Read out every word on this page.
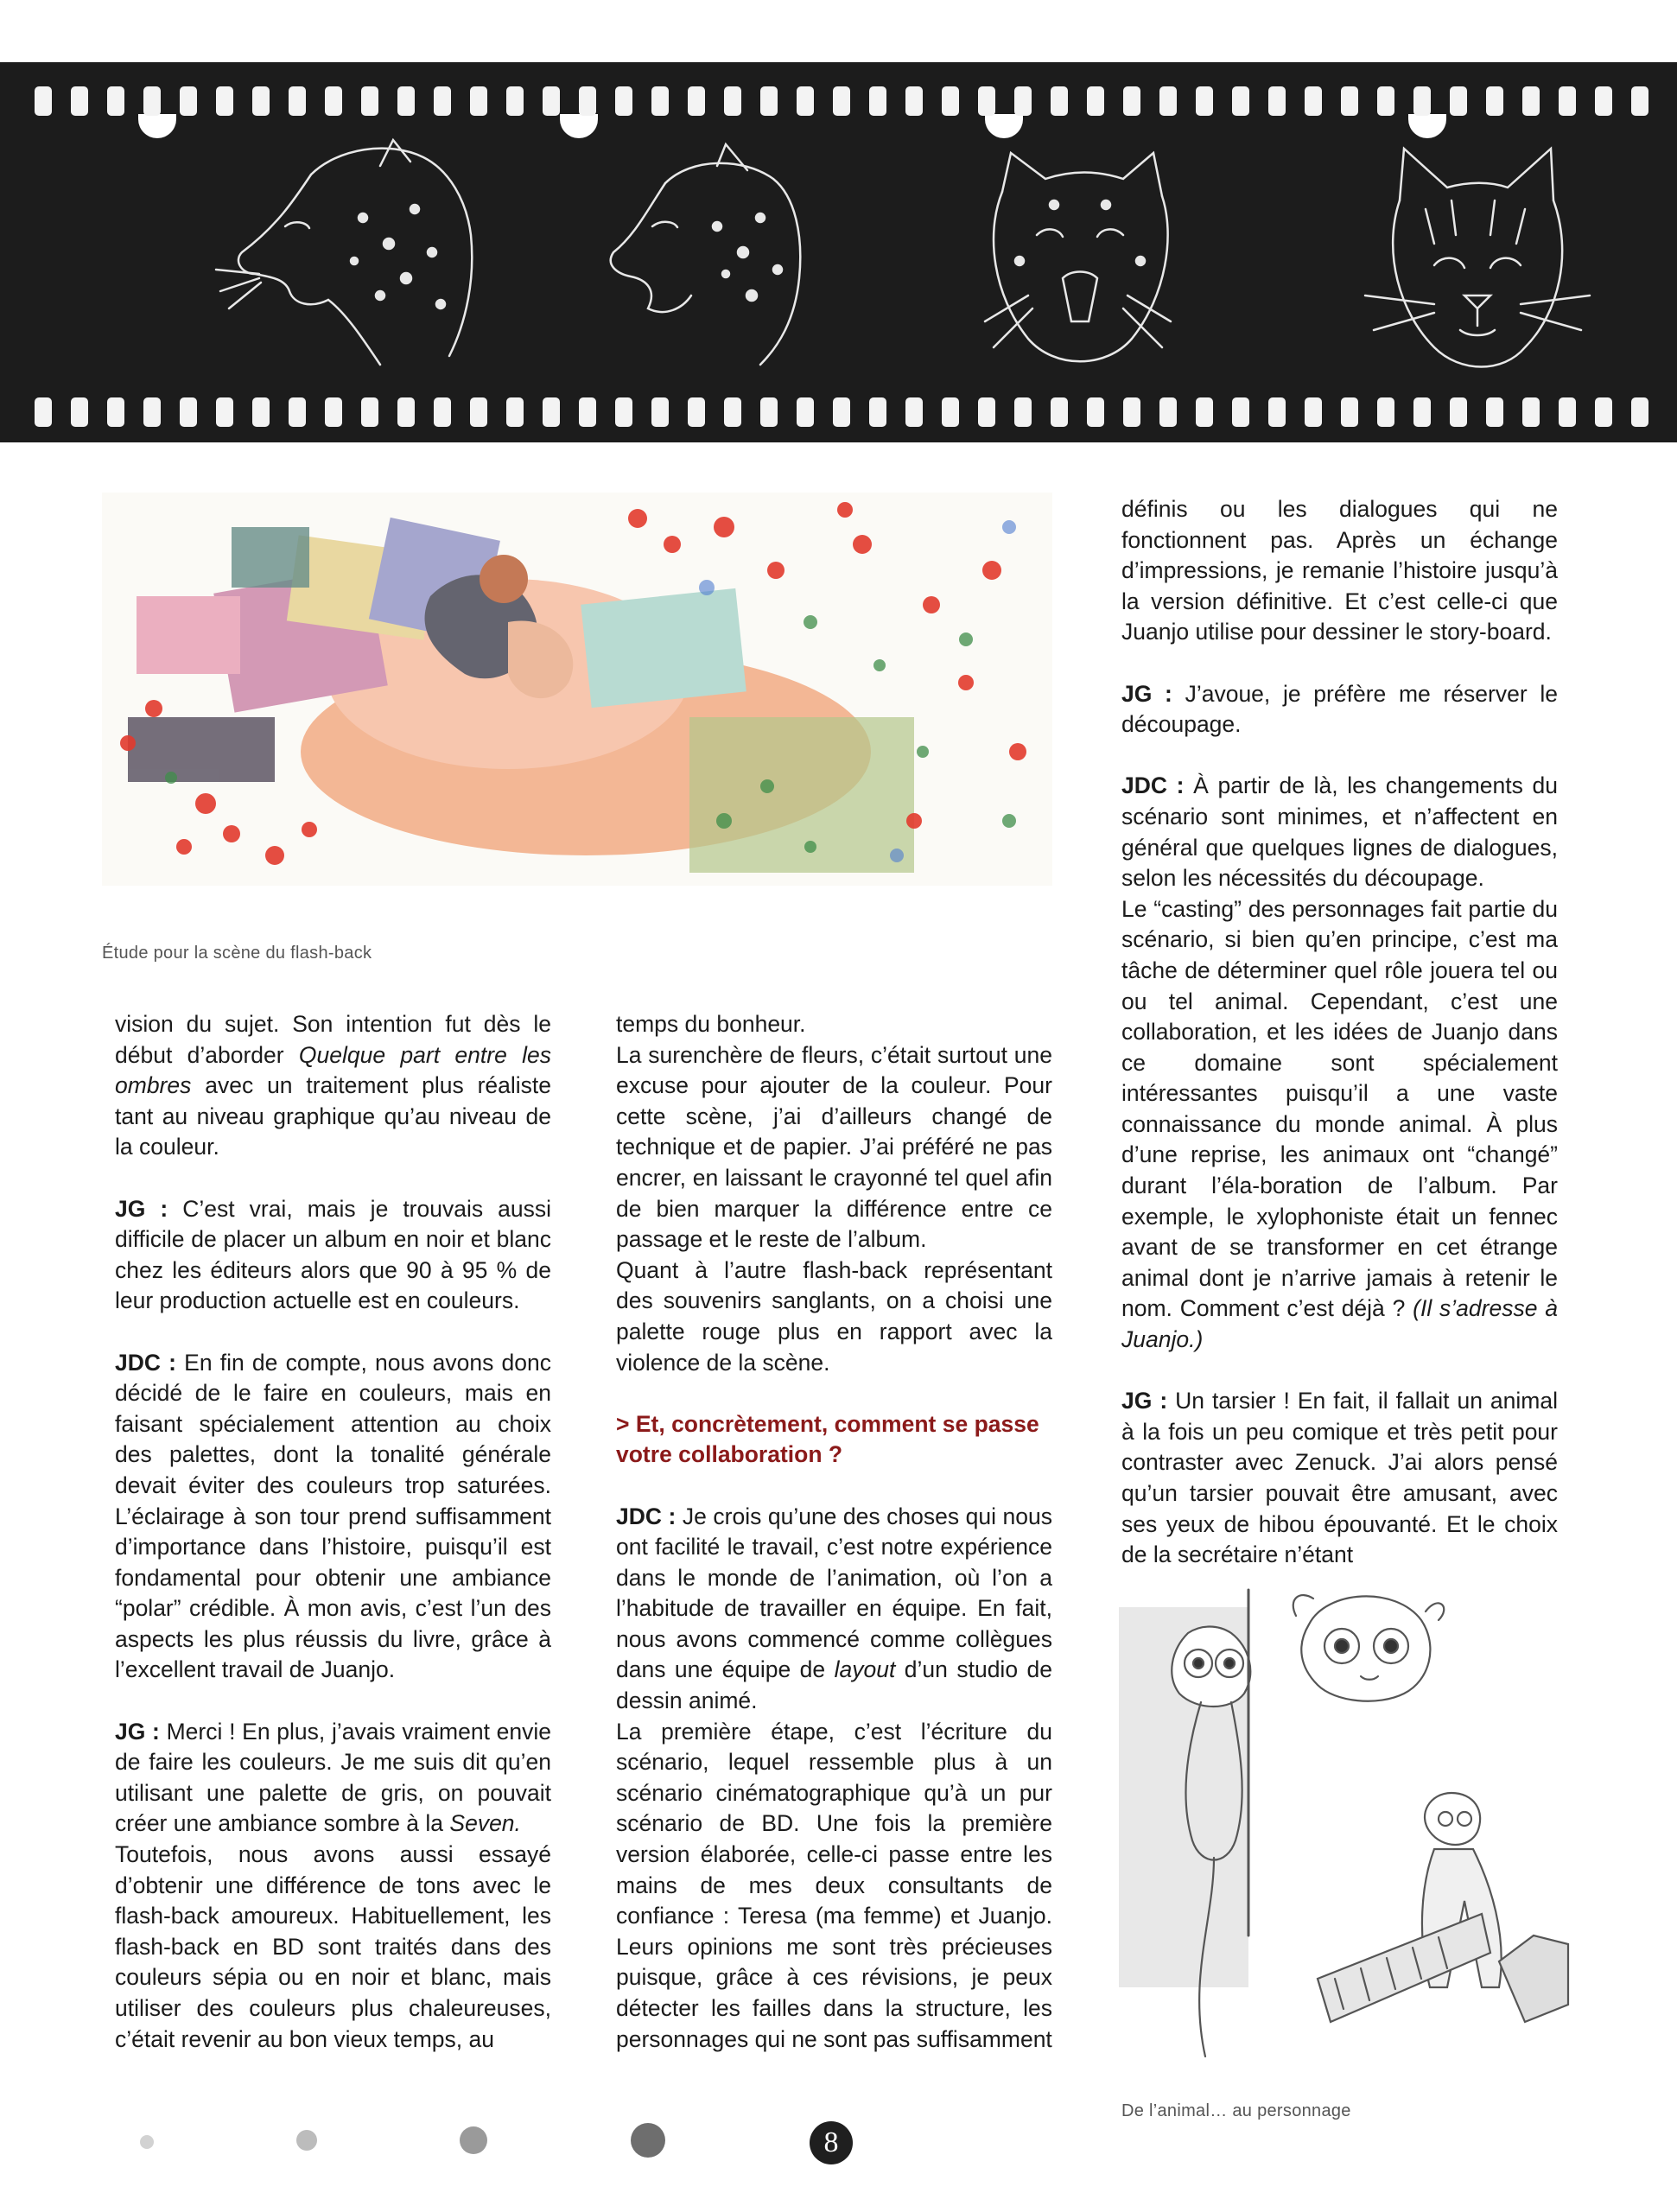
Étude pour la scène du flash-back

vision du sujet. Son intention fut dès le début d’aborder Quelque part entre les ombres avec un traitement plus réaliste tant au niveau graphique qu’au niveau de la couleur.

JG : C’est vrai, mais je trouvais aussi difficile de placer un album en noir et blanc chez les éditeurs alors que 90 à 95 % de leur production actuelle est en couleurs.

JDC : En fin de compte, nous avons donc décidé de le faire en couleurs, mais en faisant spécialement attention au choix des palettes, dont la tonalité générale devait éviter des couleurs trop saturées. L’éclairage à son tour prend suffisamment d’importance dans l’histoire, puisqu’il est fondamental pour obtenir une ambiance “polar” crédible. À mon avis, c’est l’un des aspects les plus réussis du livre, grâce à l’excellent travail de Juanjo.

JG : Merci ! En plus, j’avais vraiment envie de faire les couleurs. Je me suis dit qu’en utilisant une palette de gris, on pouvait créer une ambiance sombre à la Seven.

Toutefois, nous avons aussi essayé d’obtenir une différence de tons avec le flash-back amoureux. Habituellement, les flash-back en BD sont traités dans des couleurs sépia ou en noir et blanc, mais utiliser des couleurs plus chaleureuses, c’était revenir au bon vieux temps, au

temps du bonheur.

La surenchère de fleurs, c’était surtout une excuse pour ajouter de la couleur. Pour cette scène, j’ai d’ailleurs changé de technique et de papier. J’ai préféré ne pas encrer, en laissant le crayonné tel quel afin de bien marquer la différence entre ce passage et le reste de l’album.

Quant à l’autre flash-back représentant des souvenirs sanglants, on a choisi une palette rouge plus en rapport avec la violence de la scène.

> Et, concrètement, comment se passe votre collaboration ?

JDC : Je crois qu’une des choses qui nous ont facilité le travail, c’est notre expérience dans le monde de l’animation, où l’on a l’habitude de travailler en équipe. En fait, nous avons commencé comme collègues dans une équipe de layout d’un studio de dessin animé.

La première étape, c’est l’écriture du scénario, lequel ressemble plus à un scénario cinématographique qu’à un pur scénario de BD. Une fois la première version élaborée, celle-ci passe entre les mains de mes deux consultants de confiance : Teresa (ma femme) et Juanjo. Leurs opinions me sont très précieuses puisque, grâce à ces révisions, je peux détecter les failles dans la structure, les personnages qui ne sont pas suffisamment

définis ou les dialogues qui ne fonctionnent pas. Après un échange d’impressions, je remanie l’histoire jusqu’à la version définitive. Et c’est celle-ci que Juanjo utilise pour dessiner le story-board.

JG : J’avoue, je préfère me réserver le découpage.

JDC : À partir de là, les changements du scénario sont minimes, et n’affectent en général que quelques lignes de dialogues, selon les nécessités du découpage.

Le “casting” des personnages fait partie du scénario, si bien qu’en principe, c’est ma tâche de déterminer quel rôle jouera tel ou ou tel animal. Cependant, c’est une collaboration, et les idées de Juanjo dans ce domaine sont spécialement intéressantes puisqu’il a une vaste connaissance du monde animal. À plus d’une reprise, les animaux ont “changé” durant l’éla-boration de l’album. Par exemple, le xylophoniste était un fennec avant de se transformer en cet étrange animal dont je n’arrive jamais à retenir le nom. Comment c’est déjà ? (Il s’adresse à Juanjo.)

JG : Un tarsier ! En fait, il fallait un animal à la fois un peu comique et très petit pour contraster avec Zenuck. J’ai alors pensé qu’un tarsier pouvait être amusant, avec ses yeux de hibou épouvanté. Et le choix de la secrétaire n’étant

De l’animal… au personnage
8
